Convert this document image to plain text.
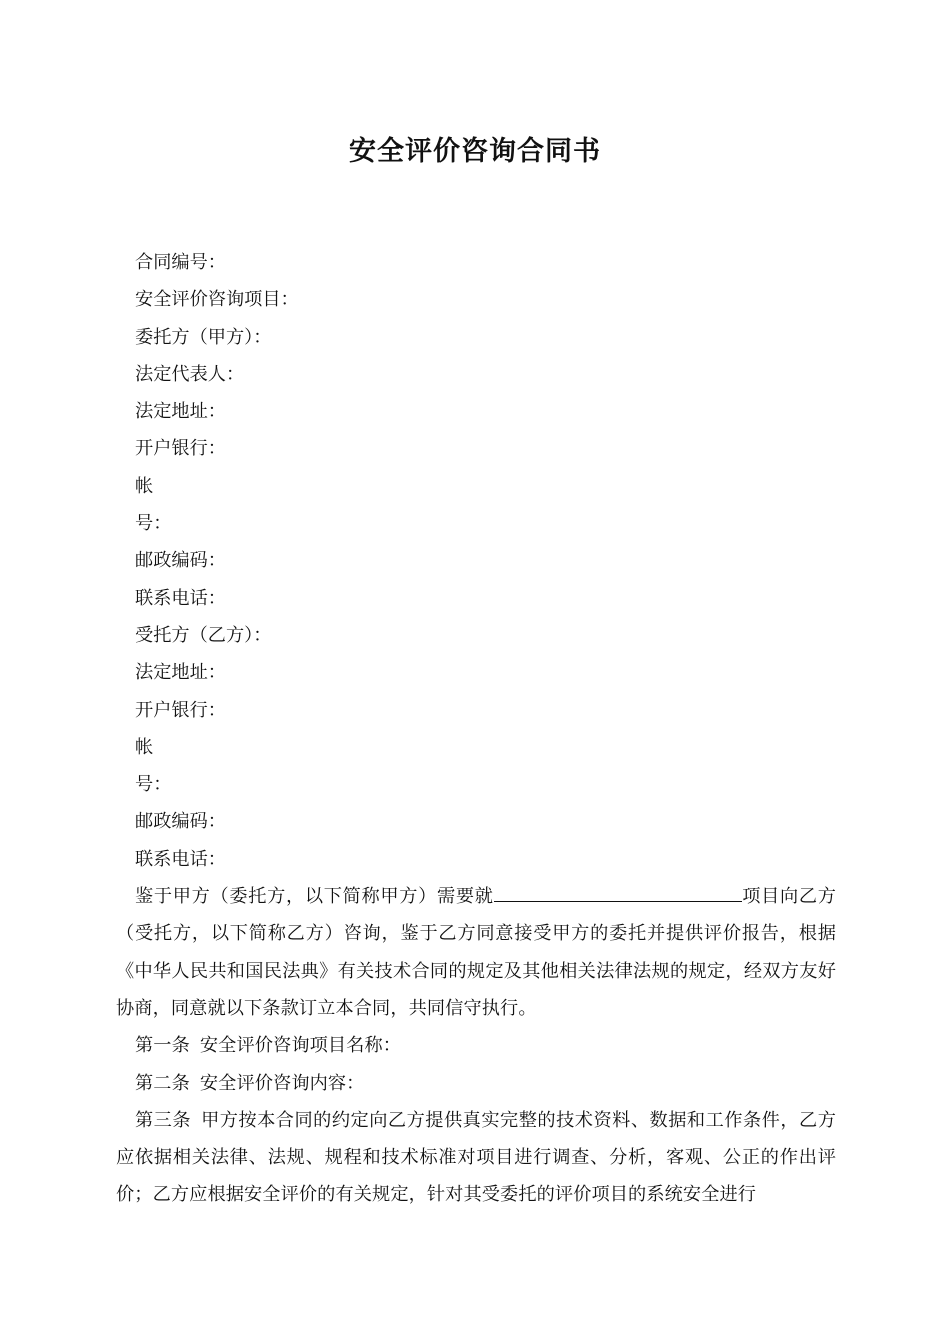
安全评价咨询合同书

合同编号：

安全评价咨询项目：

委托方（甲方）：

法定代表人：

法定地址：

开户银行：

帐

号：

邮政编码：

联系电话：

受托方（乙方）：

法定地址：

开户银行：

帐

号：

邮政编码：

联系电话：

鉴于甲方（委托方，以下简称甲方）需要就	项目向乙方（受托方，以下简称乙方）咨询，鉴于乙方同意接受甲方的委托并提供评价报告，根据《中华人民共和国民法典》有关技术合同的规定及其他相关法律法规的规定，经双方友好协商，同意就以下条款订立本合同，共同信守执行。

第一条 安全评价咨询项目名称：

第二条 安全评价咨询内容：

第三条 甲方按本合同的约定向乙方提供真实完整的技术资料、数据和工作条件，乙方应依据相关法律、法规、规程和技术标准对项目进行调查、分析，客观、公正的作出评价；乙方应根据安全评价的有关规定，针对其受委托的评价项目的系统安全进行
